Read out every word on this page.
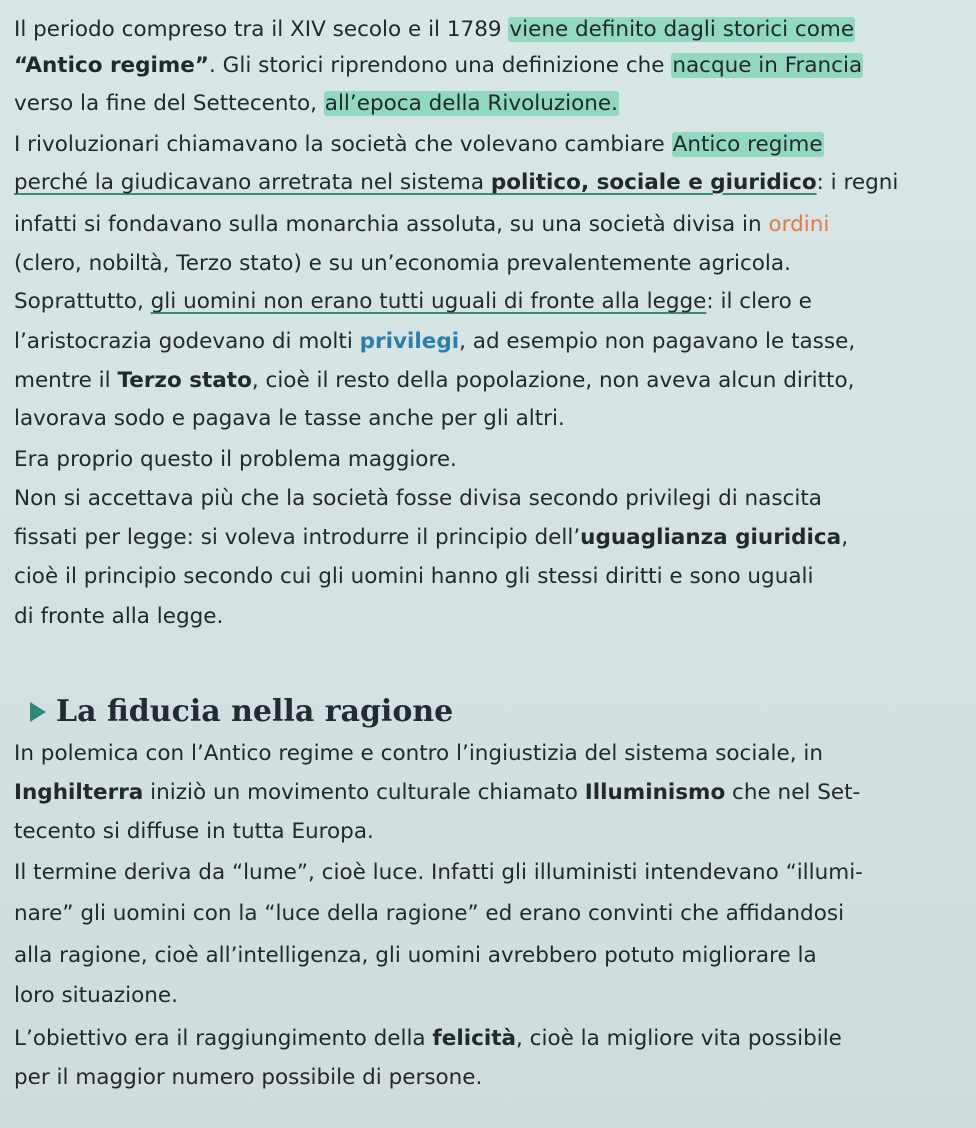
Il periodo compreso tra il XIV secolo e il 1789 viene definito dagli storici come
“Antico regime”. Gli storici riprendono una definizione che nacque in Francia
verso la fine del Settecento, all’epoca della Rivoluzione.
I rivoluzionari chiamavano la società che volevano cambiare Antico regime
perché la giudicavano arretrata nel sistema politico, sociale e giuridico: i regni
infatti si fondavano sulla monarchia assoluta, su una società divisa in ordini
(clero, nobiltà, Terzo stato) e su un’economia prevalentemente agricola.
Soprattutto, gli uomini non erano tutti uguali di fronte alla legge: il clero e
l’aristocrazia godevano di molti privilegi, ad esempio non pagavano le tasse,
mentre il Terzo stato, cioè il resto della popolazione, non aveva alcun diritto,
lavorava sodo e pagava le tasse anche per gli altri.
Era proprio questo il problema maggiore.
Non si accettava più che la società fosse divisa secondo privilegi di nascita
fissati per legge: si voleva introdurre il principio dell’uguaglianza giuridica,
cioè il principio secondo cui gli uomini hanno gli stessi diritti e sono uguali
di fronte alla legge.
La fiducia nella ragione
In polemica con l’Antico regime e contro l’ingiustizia del sistema sociale, in
Inghilterra iniziò un movimento culturale chiamato Illuminismo che nel Set-
tecento si diffuse in tutta Europa.
Il termine deriva da “lume”, cioè luce. Infatti gli illuministi intendevano “illumi-
nare” gli uomini con la “luce della ragione” ed erano convinti che affidandosi
alla ragione, cioè all’intelligenza, gli uomini avrebbero potuto migliorare la
loro situazione.
L’obiettivo era il raggiungimento della felicità, cioè la migliore vita possibile
per il maggior numero possibile di persone.
